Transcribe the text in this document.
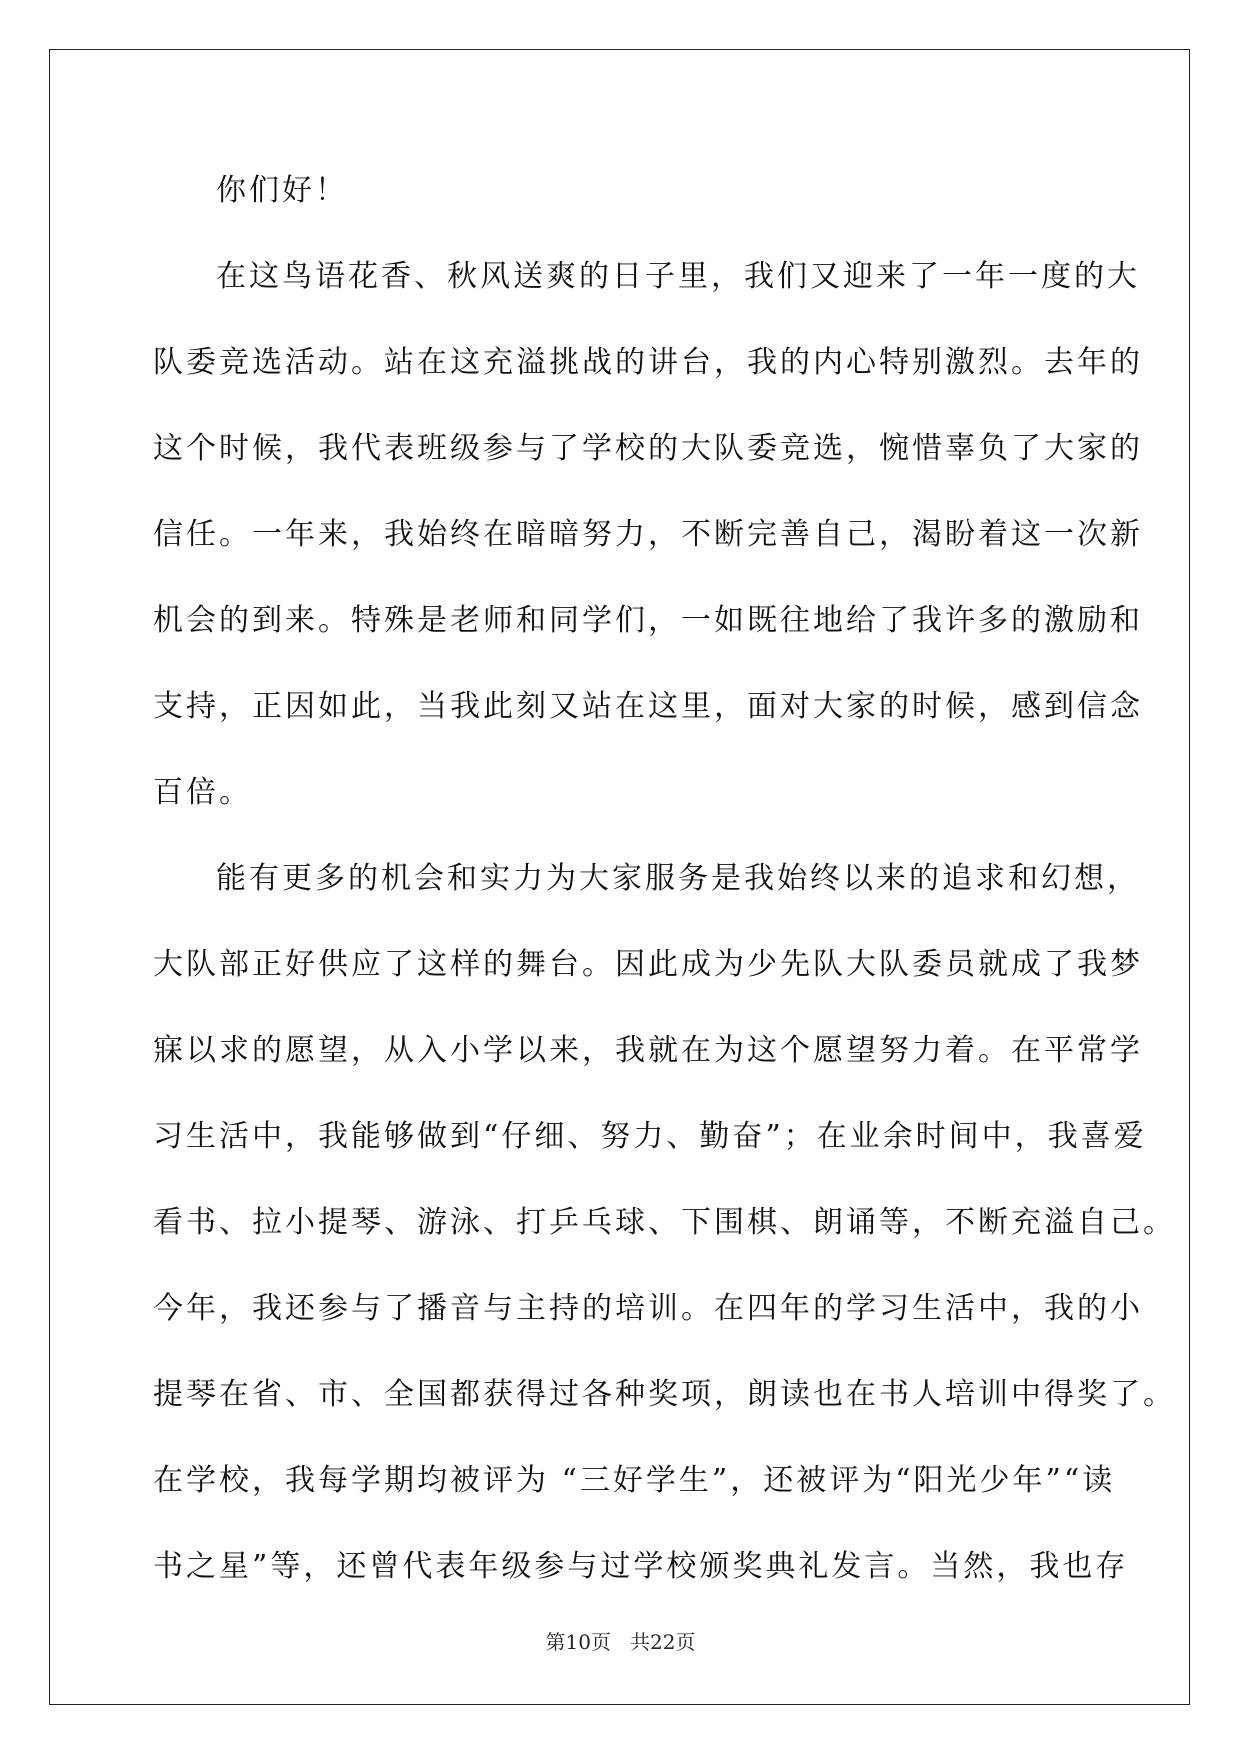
你们好！
在这鸟语花香、秋风送爽的日子里，我们又迎来了一年一度的大
队委竞选活动。站在这充溢挑战的讲台，我的内心特别激烈。去年的
这个时候，我代表班级参与了学校的大队委竞选，惋惜辜负了大家的
信任。一年来，我始终在暗暗努力，不断完善自己，渴盼着这一次新
机会的到来。特殊是老师和同学们，一如既往地给了我许多的激励和
支持，正因如此，当我此刻又站在这里，面对大家的时候，感到信念
百倍。
能有更多的机会和实力为大家服务是我始终以来的追求和幻想，
大队部正好供应了这样的舞台。因此成为少先队大队委员就成了我梦
寐以求的愿望，从入小学以来，我就在为这个愿望努力着。在平常学
习生活中，我能够做到“仔细、努力、勤奋”；在业余时间中，我喜爱
看书、拉小提琴、游泳、打乒乓球、下围棋、朗诵等，不断充溢自己。
今年，我还参与了播音与主持的培训。在四年的学习生活中，我的小
提琴在省、市、全国都获得过各种奖项，朗读也在书人培训中得奖了。
在学校，我每学期均被评为 “三好学生”，还被评为“阳光少年”“读
书之星”等，还曾代表年级参与过学校颁奖典礼发言。当然，我也存
第10页   共22页
